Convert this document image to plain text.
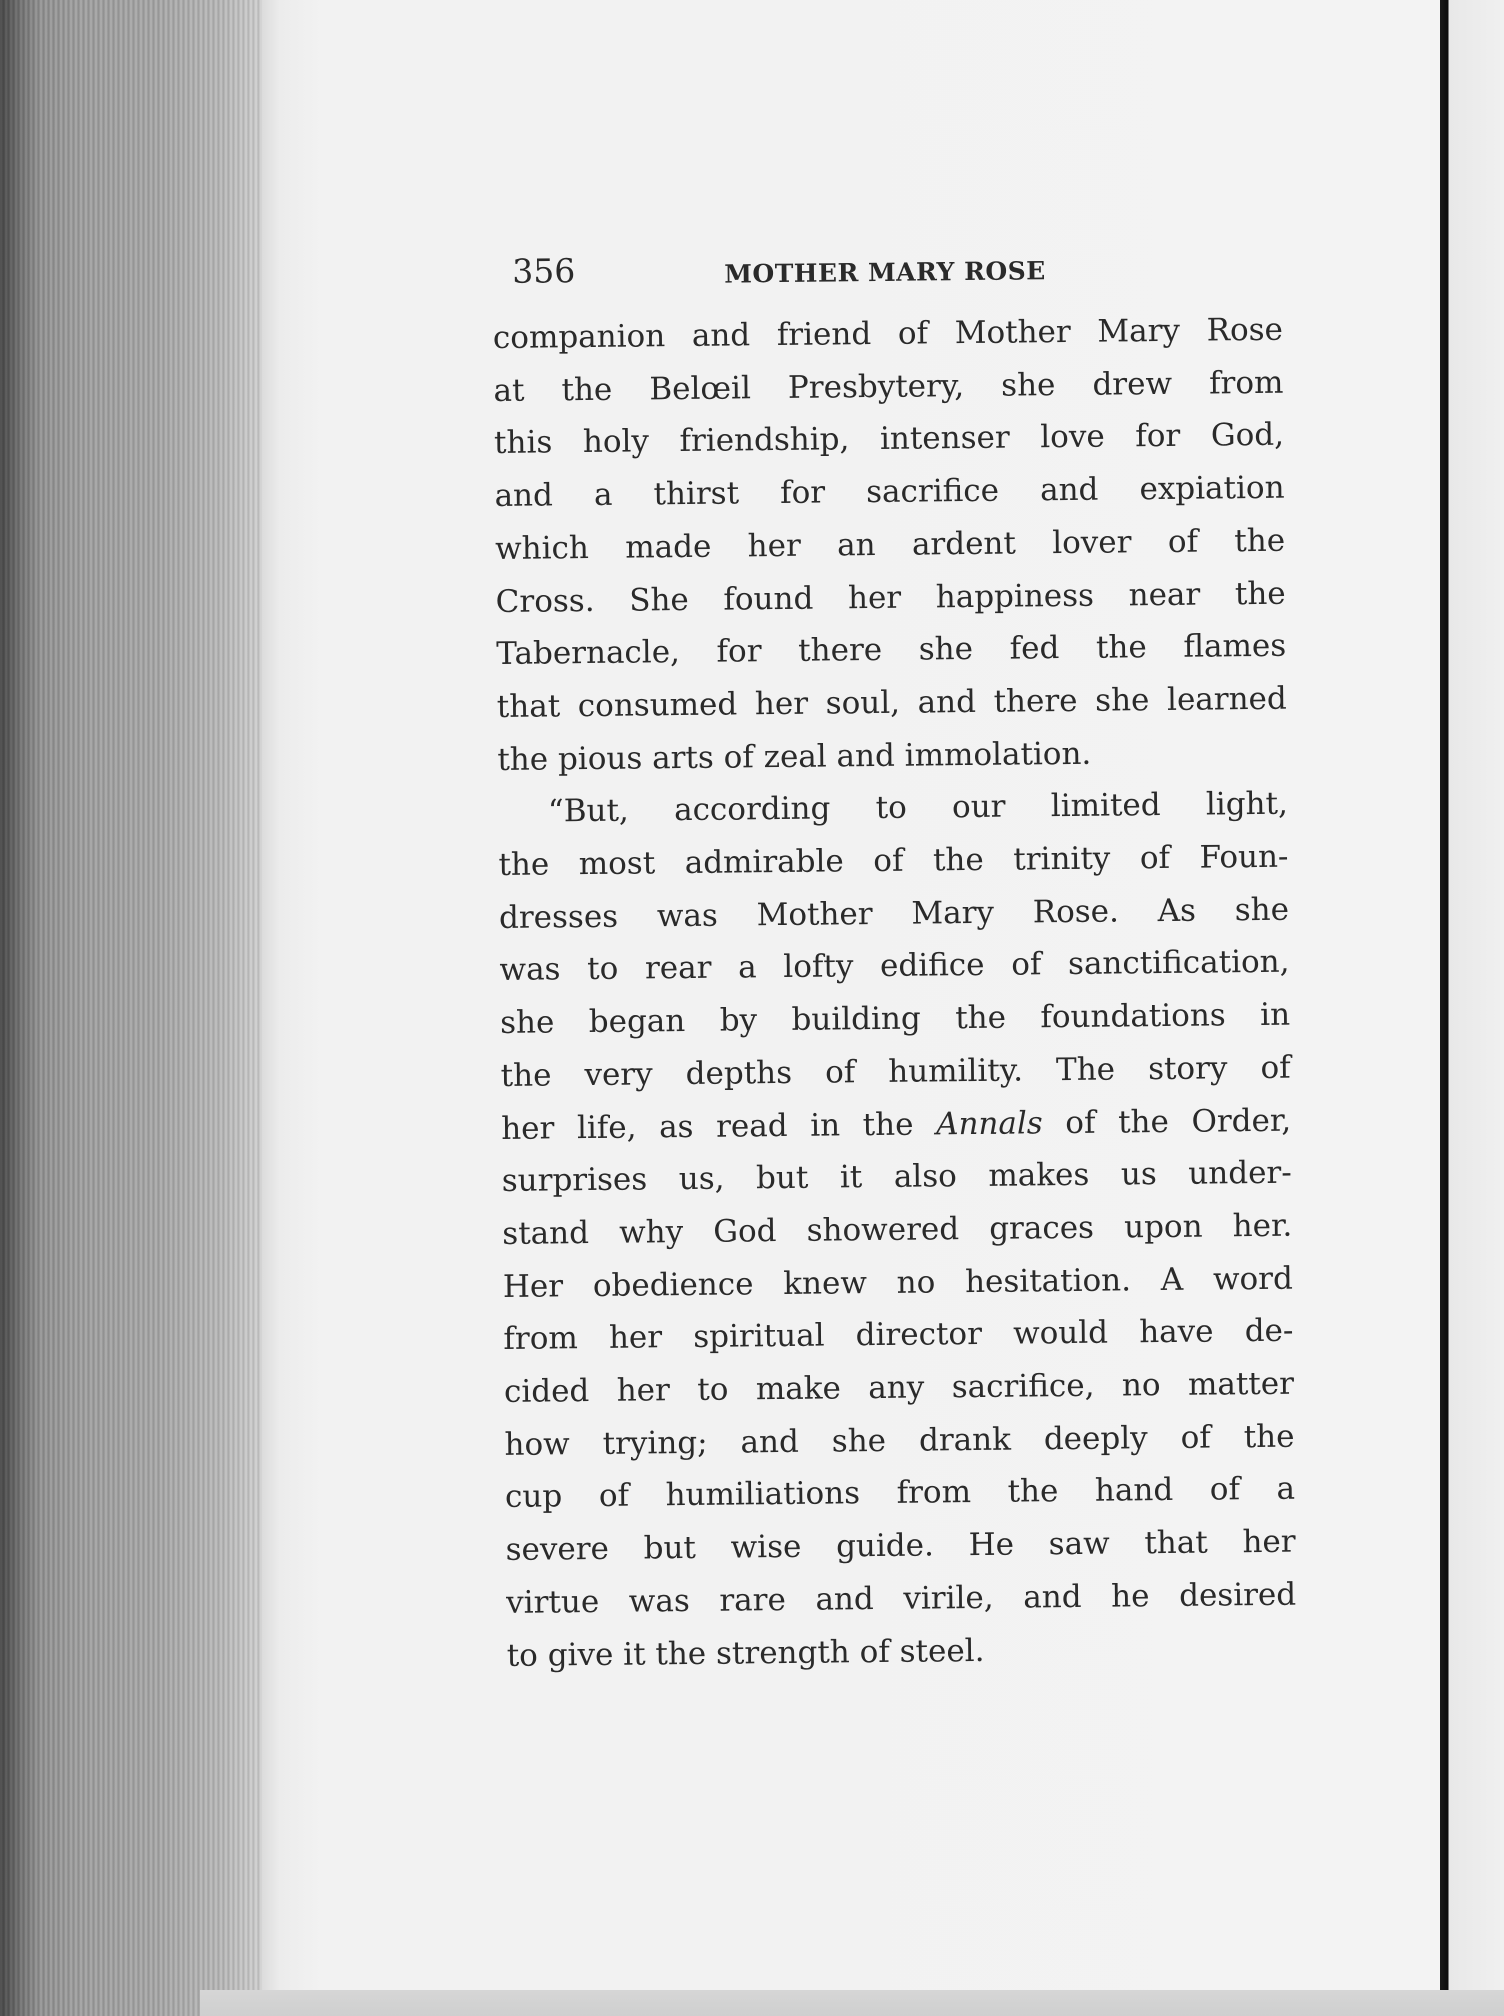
356	MOTHER MARY ROSE

companion and friend of Mother Mary Rose
at the Belœil Presbytery, she drew from
this holy friendship, intenser love for God,
and a thirst for sacrifice and expiation
which made her an ardent lover of the
Cross. She found her happiness near the
Tabernacle, for there she fed the flames
that consumed her soul, and there she learned
the pious arts of zeal and immolation.

“But, according to our limited light,
the most admirable of the trinity of Foun-
dresses was Mother Mary Rose. As she
was to rear a lofty edifice of sanctification,
she began by building the foundations in
the very depths of humility. The story of
her life, as read in the Annals of the Order,
surprises us, but it also makes us under-
stand why God showered graces upon her.
Her obedience knew no hesitation. A word
from her spiritual director would have de-
cided her to make any sacrifice, no matter
how trying; and she drank deeply of the
cup of humiliations from the hand of a
severe but wise guide. He saw that her
virtue was rare and virile, and he desired
to give it the strength of steel.
